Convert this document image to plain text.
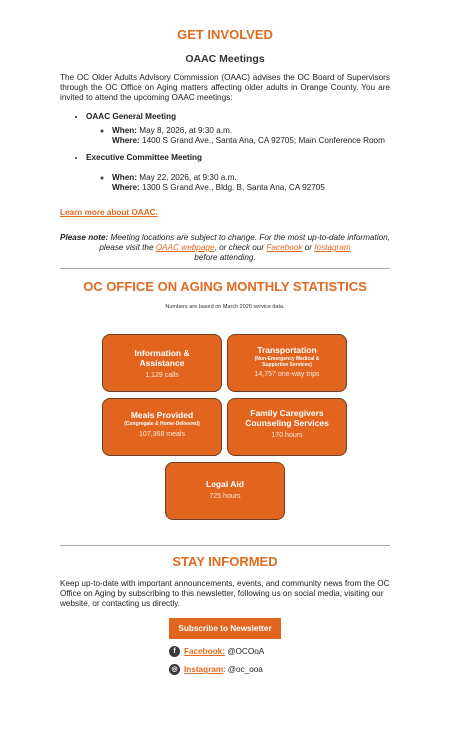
GET INVOLVED
OAAC Meetings

The OC Older Adults Advisory Commission (OAAC) advises the OC Board of Supervisors through the OC Office on Aging matters affecting older adults in Orange County. You are invited to attend the upcoming OAAC meetings:

• OAAC General Meeting
◦ When: May 8, 2026, at 9:30 a.m.
Where: 1400 S Grand Ave., Santa Ana, CA 92705; Main Conference Room
• Executive Committee Meeting
◦ When: May 22, 2026, at 9:30 a.m.
Where: 1300 S Grand Ave., Bldg. B, Santa Ana, CA 92705
Learn more about OAAC.

Please note: Meeting locations are subject to change. For the most up-to-date information, please visit the OAAC webpage, or check our Facebook or Instagram
before attending.

OC OFFICE ON AGING MONTHLY STATISTICS
Numbers are based on March 2026 service data.
Information & Assistance
1,129 calls
Transportation
(Non-Emergency Medical & Supportive Services)
14,757 one-way trips
Meals Provided
(Congregate & Home-Delivered)
107,368 meals
Family Caregivers Counseling Services
170 hours
Legal Aid
725 hours
STAY INFORMED

Keep up-to-date with important announcements, events, and community news from the OC Office on Aging by subscribing to this newsletter, following us on social media, visiting our website, or contacting us directly.

Subscribe to Newsletter
f Facebook: @OCOoA
◎ Instagram: @oc_ooa
